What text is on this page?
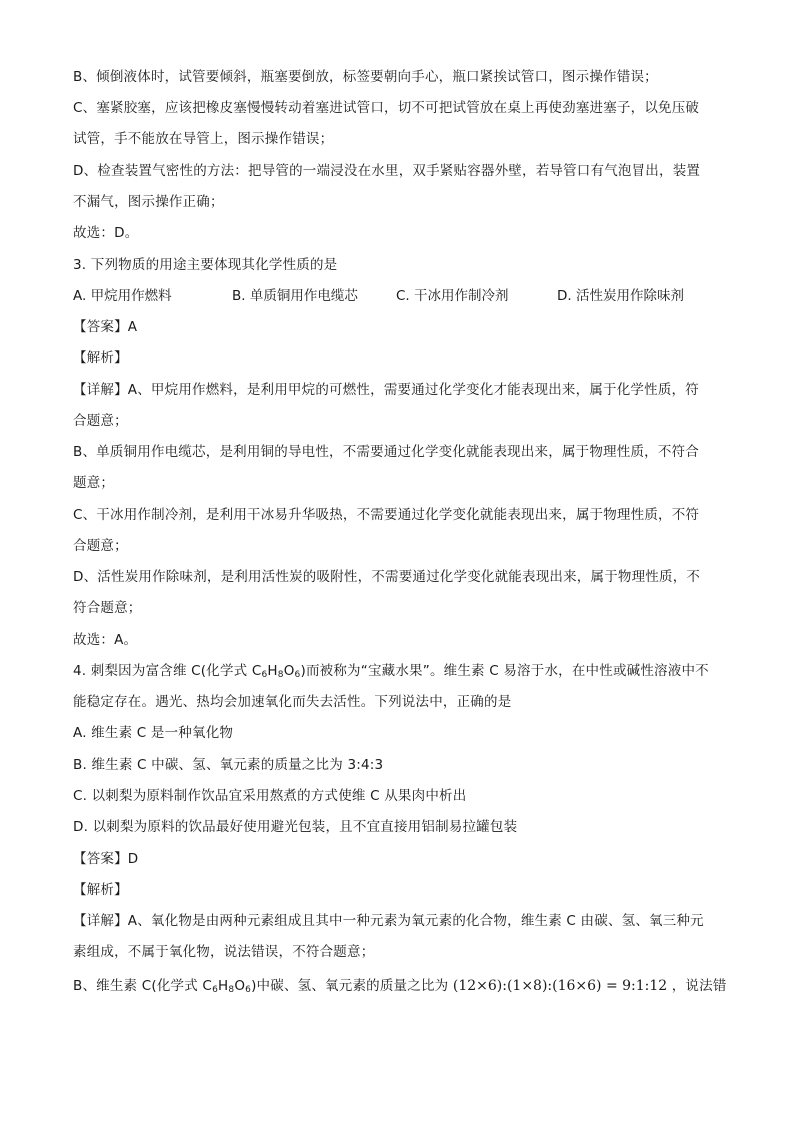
B、倾倒液体时，试管要倾斜，瓶塞要倒放，标签要朝向手心，瓶口紧挨试管口，图示操作错误；
C、塞紧胶塞，应该把橡皮塞慢慢转动着塞进试管口，切不可把试管放在桌上再使劲塞进塞子，以免压破
试管，手不能放在导管上，图示操作错误；
D、检查装置气密性的方法：把导管的一端浸没在水里，双手紧贴容器外壁，若导管口有气泡冒出，装置
不漏气，图示操作正确；
故选：D。
3. 下列物质的用途主要体现其化学性质的是
A. 甲烷用作燃料	B. 单质铜用作电缆芯	C. 干冰用作制冷剂	D. 活性炭用作除味剂
【答案】A
【解析】
【详解】A、甲烷用作燃料，是利用甲烷的可燃性，需要通过化学变化才能表现出来，属于化学性质，符
合题意；
B、单质铜用作电缆芯，是利用铜的导电性，不需要通过化学变化就能表现出来，属于物理性质，不符合
题意；
C、干冰用作制冷剂，是利用干冰易升华吸热，不需要通过化学变化就能表现出来，属于物理性质，不符
合题意；
D、活性炭用作除味剂，是利用活性炭的吸附性，不需要通过化学变化就能表现出来，属于物理性质，不
符合题意；
故选：A。
4. 刺梨因为富含维 C(化学式 $C_6H_8O_6$)而被称为“宝藏水果”。维生素 C 易溶于水，在中性或碱性溶液中不
能稳定存在。遇光、热均会加速氧化而失去活性。下列说法中，正确的是
A. 维生素 C 是一种氧化物
B. 维生素 C 中碳、氢、氧元素的质量之比为 3:4:3
C. 以刺梨为原料制作饮品宜采用熬煮的方式使维 C 从果肉中析出
D. 以刺梨为原料的饮品最好使用避光包装，且不宜直接用铝制易拉罐包装
【答案】D
【解析】
【详解】A、氧化物是由两种元素组成且其中一种元素为氧元素的化合物，维生素 C 由碳、氢、氧三种元
素组成，不属于氧化物，说法错误，不符合题意；
B、维生素 C(化学式 $C_6H_8O_6$)中碳、氢、氧元素的质量之比为 (12×6):(1×8):(16×6) = 9:1:12 ，说法错
